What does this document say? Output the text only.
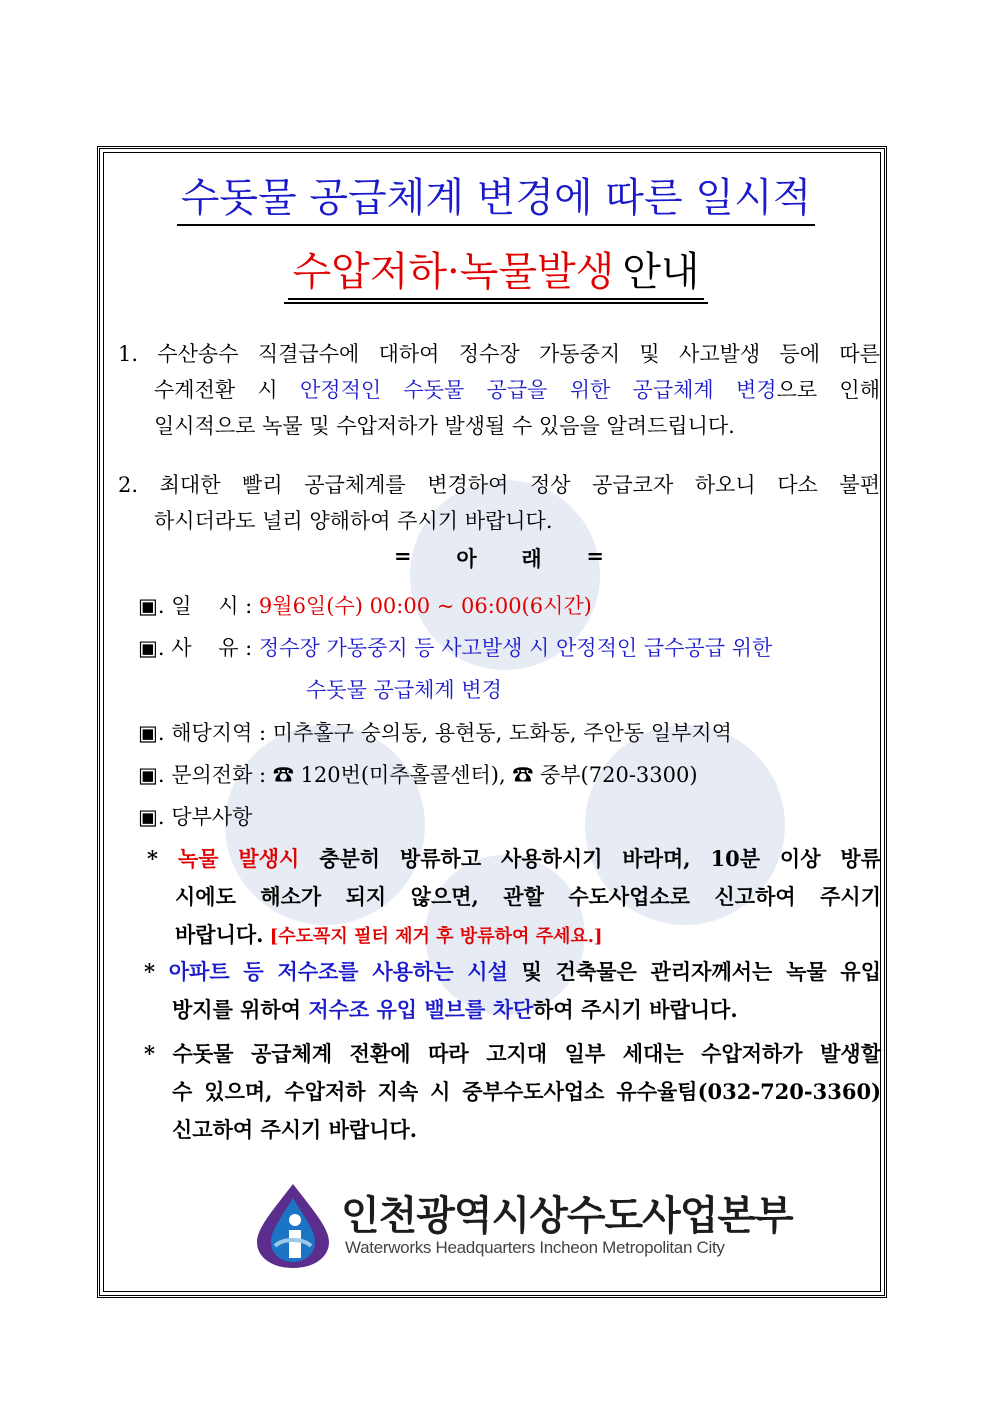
수돗물 공급체계 변경에 따른 일시적
수압저하·녹물발생안내
1. 수산송수 직결급수에 대하여 정수장 가동중지 및 사고발생 등에 따른
수계전환 시 안정적인 수돗물 공급을 위한 공급체계 변경으로 인해
일시적으로 녹물 및 수압저하가 발생될 수 있음을 알려드립니다.
2. 최대한 빨리 공급체계를 변경하여 정상 공급코자 하오니 다소 불편
하시더라도 널리 양해하여 주시기 바랍니다.
= 아 래 =
▣. 일    시 : 9월6일(수) 00:00 ~ 06:00(6시간)
▣. 사    유 : 정수장 가동중지 등 사고발생 시 안정적인 급수공급 위한
수돗물 공급체계 변경
▣. 해당지역 : 미추홀구 숭의동, 용현동, 도화동, 주안동 일부지역
▣. 문의전화 : ☎ 120번(미추홀콜센터), ☎ 중부(720-3300)
▣. 당부사항
* 녹물 발생시 충분히 방류하고 사용하시기 바라며, 10분 이상 방류
시에도 해소가 되지 않으면, 관할 수도사업소로 신고하여 주시기
바랍니다. [수도꼭지 필터 제거 후 방류하여 주세요.]
* 아파트 등 저수조를 사용하는 시설 및 건축물은 관리자께서는 녹물 유입
방지를 위하여 저수조 유입 밸브를 차단하여 주시기 바랍니다.
* 수돗물 공급체계 전환에 따라 고지대 일부 세대는 수압저하가 발생할
수 있으며, 수압저하 지속 시 중부수도사업소 유수율팀(032-720-3360)
신고하여 주시기 바랍니다.
인천광역시상수도사업본부
Waterworks Headquarters Incheon Metropolitan City
